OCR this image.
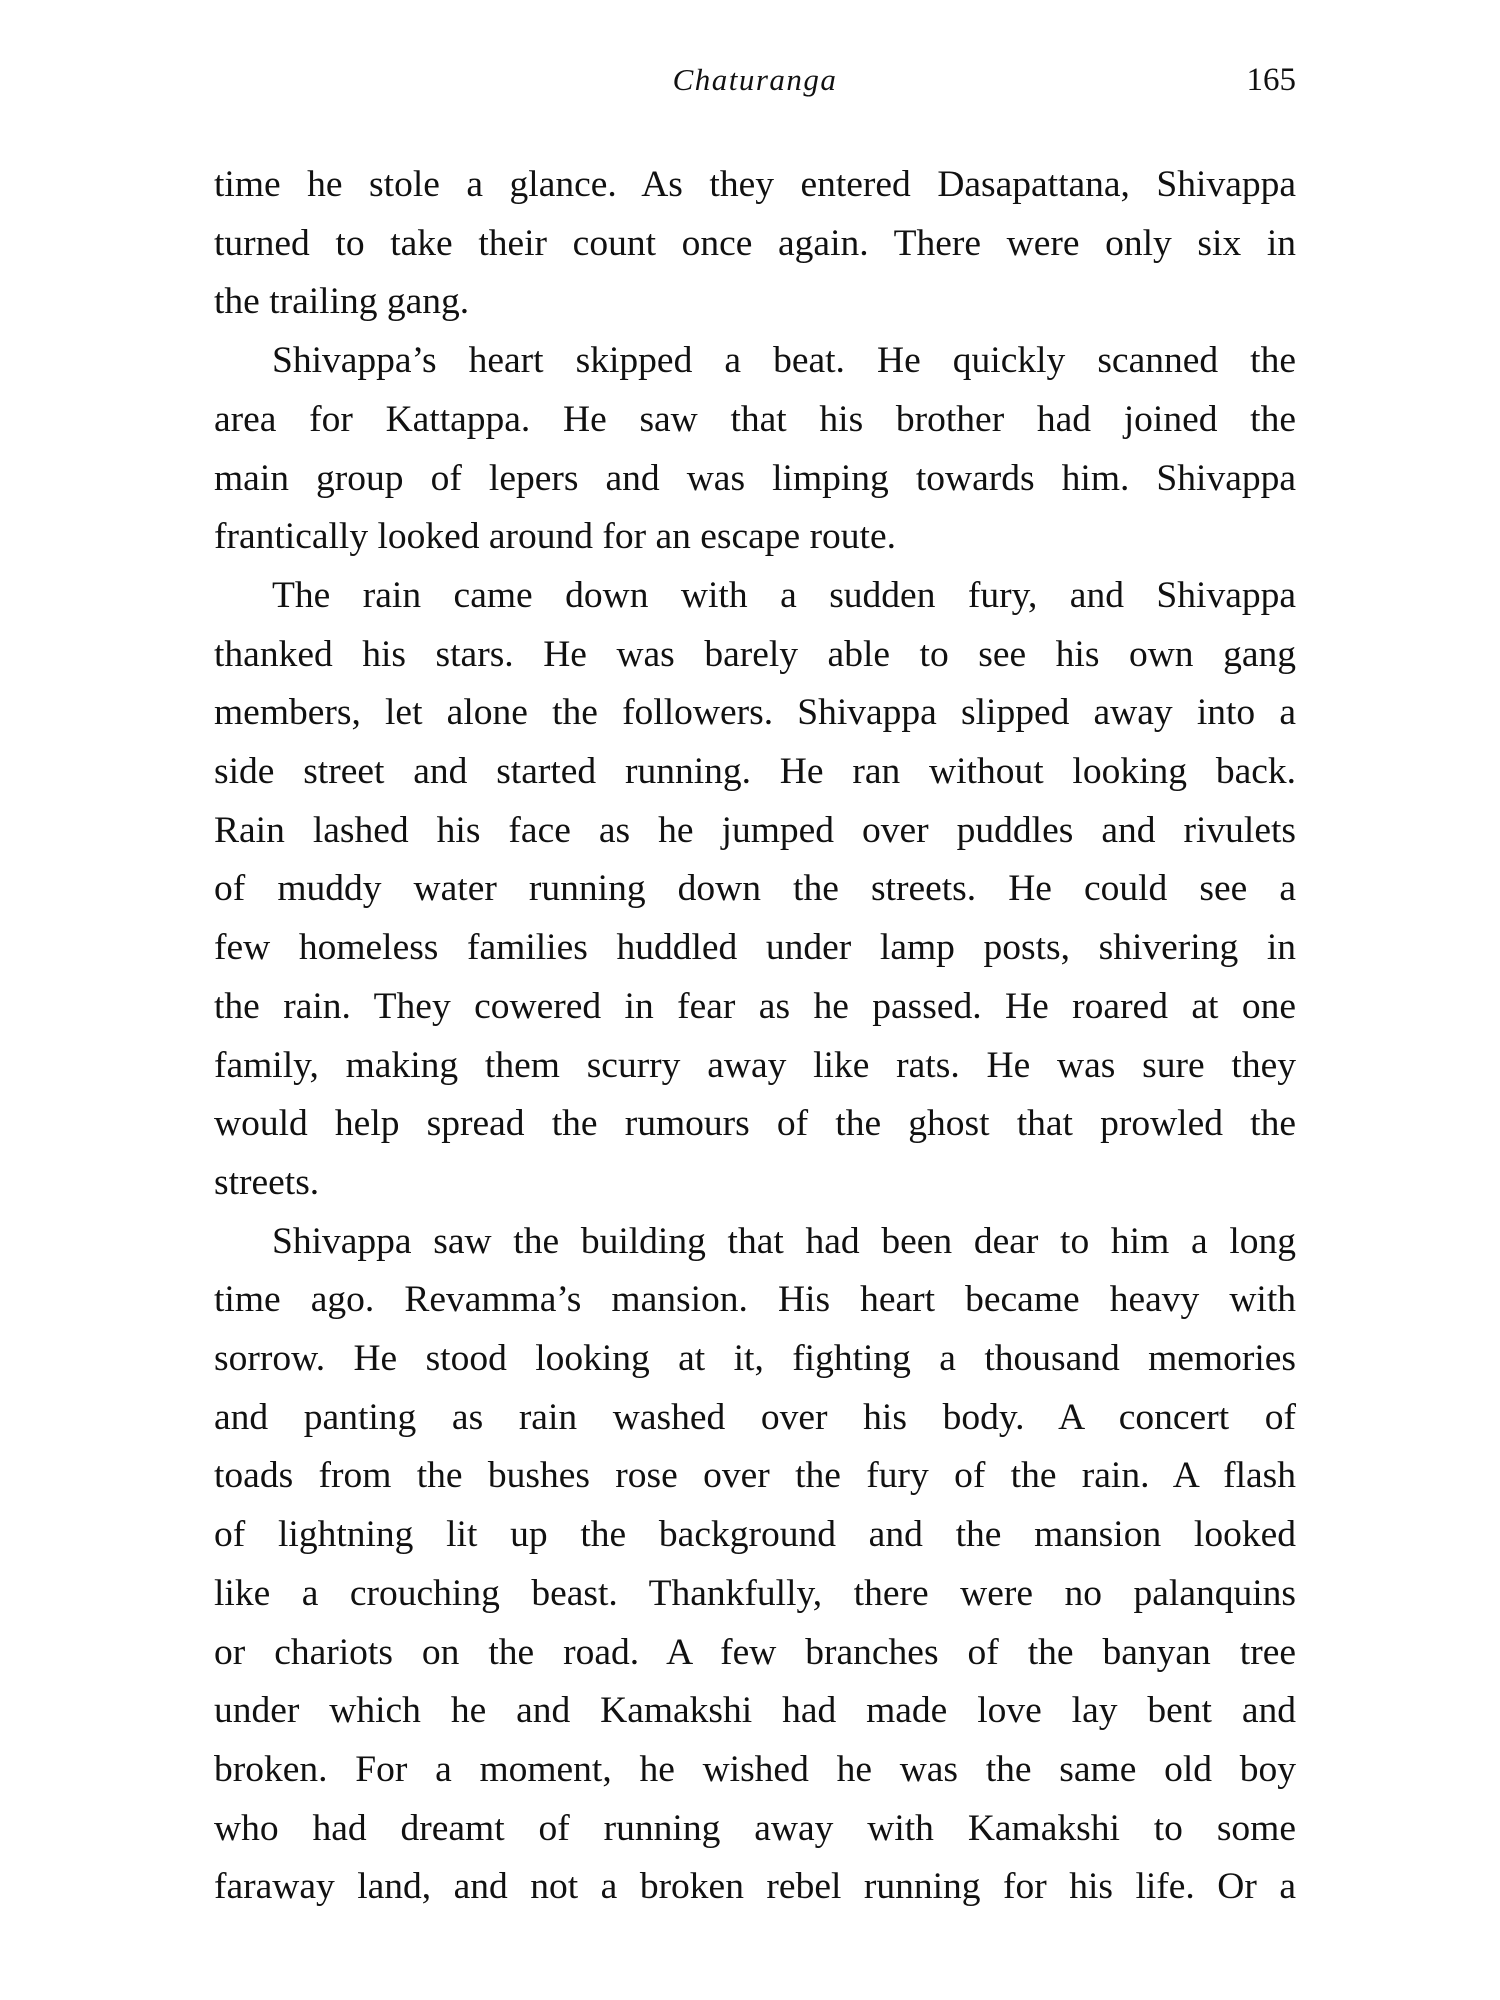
Chaturanga	165

time he stole a glance. As they entered Dasapattana, Shivappa

turned to take their count once again. There were only six in

the trailing gang.

Shivappa’s heart skipped a beat. He quickly scanned the

area for Kattappa. He saw that his brother had joined the

main group of lepers and was limping towards him. Shivappa

frantically looked around for an escape route.

The rain came down with a sudden fury, and Shivappa

thanked his stars. He was barely able to see his own gang

members, let alone the followers. Shivappa slipped away into a

side street and started running. He ran without looking back.

Rain lashed his face as he jumped over puddles and rivulets

of muddy water running down the streets. He could see a

few homeless families huddled under lamp posts, shivering in

the rain. They cowered in fear as he passed. He roared at one

family, making them scurry away like rats. He was sure they

would help spread the rumours of the ghost that prowled the

streets.

Shivappa saw the building that had been dear to him a long

time ago. Revamma’s mansion. His heart became heavy with

sorrow. He stood looking at it, fighting a thousand memories

and panting as rain washed over his body. A concert of

toads from the bushes rose over the fury of the rain. A flash

of lightning lit up the background and the mansion looked

like a crouching beast. Thankfully, there were no palanquins

or chariots on the road. A few branches of the banyan tree

under which he and Kamakshi had made love lay bent and

broken. For a moment, he wished he was the same old boy

who had dreamt of running away with Kamakshi to some

faraway land, and not a broken rebel running for his life. Or a
